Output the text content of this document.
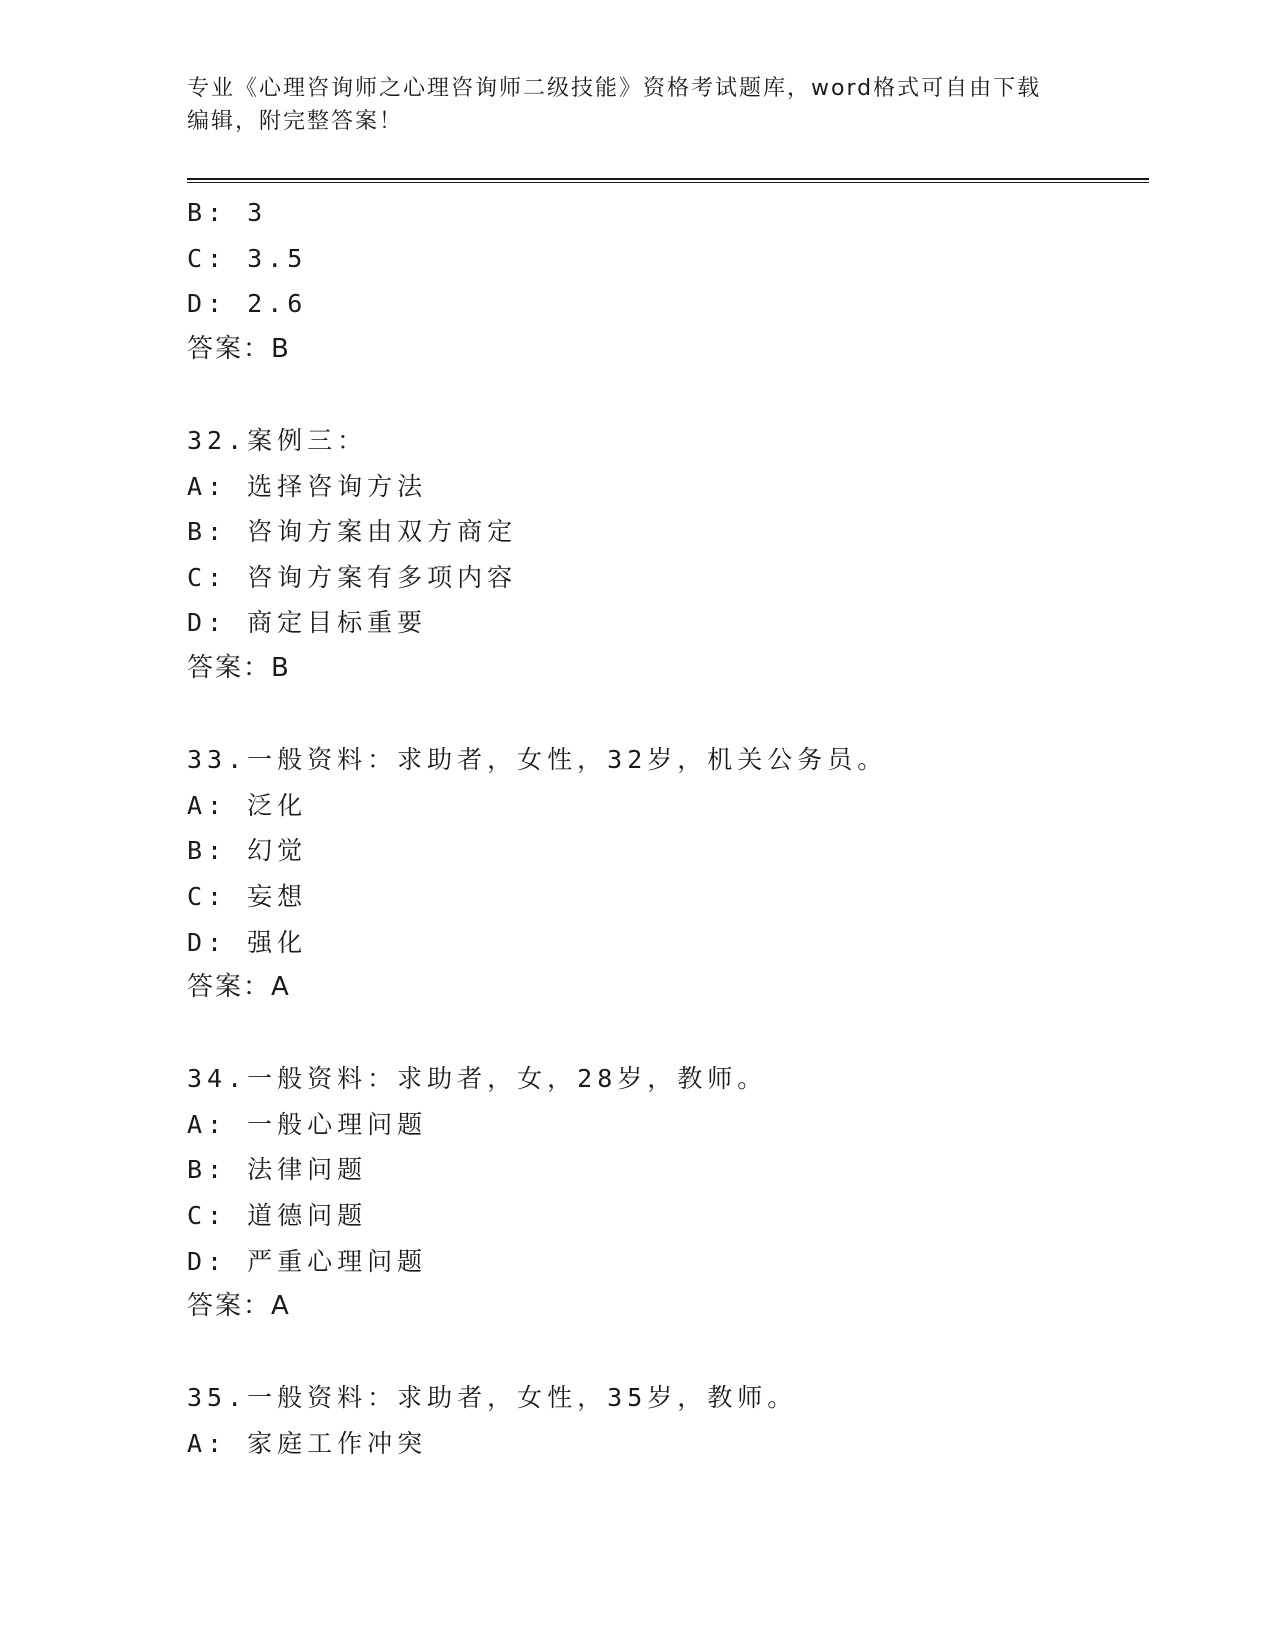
专业《心理咨询师之心理咨询师二级技能》资格考试题库，word格式可自由下载
编辑，附完整答案！
B: 3
C: 3.5
D: 2.6
答案：B
32.案例三：
A: 选择咨询方法
B: 咨询方案由双方商定
C: 咨询方案有多项内容
D: 商定目标重要
答案：B
33.一般资料：求助者，女性，32岁，机关公务员。
A: 泛化
B: 幻觉
C: 妄想
D: 强化
答案：A
34.一般资料：求助者，女，28岁，教师。
A: 一般心理问题
B: 法律问题
C: 道德问题
D: 严重心理问题
答案：A
35.一般资料：求助者，女性，35岁，教师。
A: 家庭工作冲突
